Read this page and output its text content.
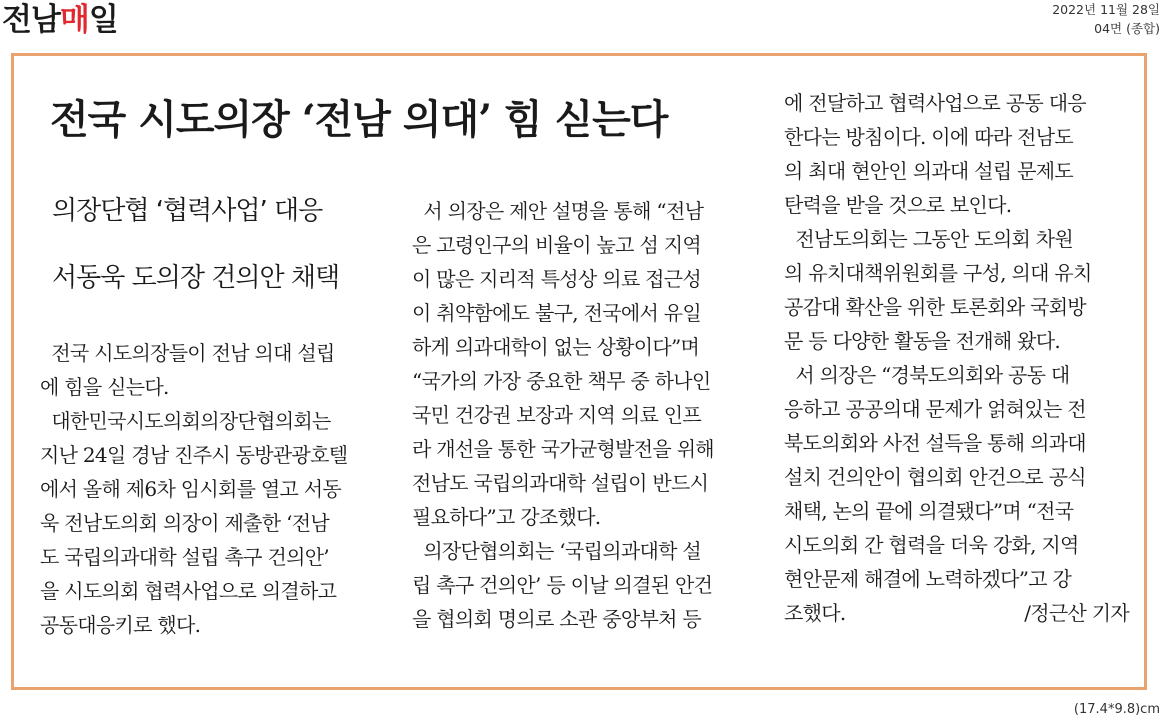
전남매일	2022년 11월 28일
04면 (종합)
전국 시도의장 ‘전남 의대’ 힘 싣는다
의장단협 ‘협력사업’ 대응
서동욱 도의장 건의안 채택
전국 시도의장들이 전남 의대 설립
에 힘을 싣는다.
대한민국시도의회의장단협의회는
지난 24일 경남 진주시 동방관광호텔
에서 올해 제6차 임시회를 열고 서동
욱 전남도의회 의장이 제출한 ‘전남
도 국립의과대학 설립 촉구 건의안’
을 시도의회 협력사업으로 의결하고
공동대응키로 했다.
서 의장은 제안 설명을 통해 “전남
은 고령인구의 비율이 높고 섬 지역
이 많은 지리적 특성상 의료 접근성
이 취약함에도 불구, 전국에서 유일
하게 의과대학이 없는 상황이다”며
“국가의 가장 중요한 책무 중 하나인
국민 건강권 보장과 지역 의료 인프
라 개선을 통한 국가균형발전을 위해
전남도 국립의과대학 설립이 반드시
필요하다”고 강조했다.
의장단협의회는 ‘국립의과대학 설
립 촉구 건의안’ 등 이날 의결된 안건
을 협의회 명의로 소관 중앙부처 등
에 전달하고 협력사업으로 공동 대응
한다는 방침이다. 이에 따라 전남도
의 최대 현안인 의과대 설립 문제도
탄력을 받을 것으로 보인다.
전남도의회는 그동안 도의회 차원
의 유치대책위원회를 구성, 의대 유치
공감대 확산을 위한 토론회와 국회방
문 등 다양한 활동을 전개해 왔다.
서 의장은 “경북도의회와 공동 대
응하고 공공의대 문제가 얽혀있는 전
북도의회와 사전 설득을 통해 의과대
설치 건의안이 협의회 안건으로 공식
채택, 논의 끝에 의결됐다”며 “전국
시도의회 간 협력을 더욱 강화, 지역
현안문제 해결에 노력하겠다”고 강
조했다.	/정근산 기자
(17.4*9.8)cm
